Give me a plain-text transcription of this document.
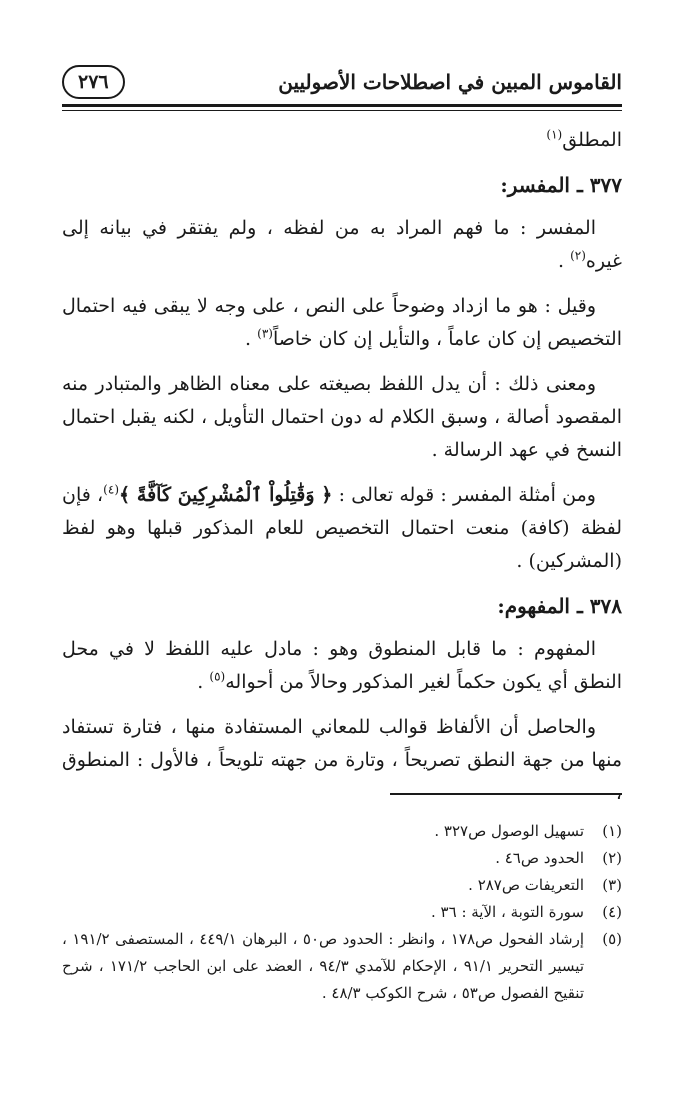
القاموس المبين في اصطلاحات الأصوليين
٢٧٦

المطلق$^{(١)}$

٣٧٧ ـ المفسر:

المفسر : ما فهم المراد به من لفظه ، ولم يفتقر في بيانه إلى غيره$^{(٢)}$ .

وقيل : هو ما ازداد وضوحاً على النص ، على وجه لا يبقى فيه احتمال التخصيص إن كان عاماً ، والتأيل إن كان خاصاً$^{(٣)}$ .

ومعنى ذلك : أن يدل اللفظ بصيغته على معناه الظاهر والمتبادر منه المقصود أصالة ، وسبق الكلام له دون احتمال التأويل ، لكنه يقبل احتمال النسخ في عهد الرسالة .

ومن أمثلة المفسر : قوله تعالى : ﴿ وَقَٰتِلُواْ ٱلْمُشْرِكِينَ كَآفَّةً ﴾$^{(٤)}$، فإن لفظة (كافة) منعت احتمال التخصيص للعام المذكور قبلها وهو لفظ (المشركين) .

٣٧٨ ـ المفهوم:

المفهوم : ما قابل المنطوق وهو : مادل عليه اللفظ لا في محل النطق أي يكون حكماً لغير المذكور وحالاً من أحواله$^{(٥)}$ .

والحاصل أن الألفاظ قوالب للمعاني المستفادة منها ، فتارة تستفاد منها من جهة النطق تصريحاً ، وتارة من جهته تلويحاً ، فالأول : المنطوق

(١)
تسهيل الوصول ص٣٢٧ .
(٢)
الحدود ص٤٦ .
(٣)
التعريفات ص٢٨٧ .
(٤)
سورة التوبة ، الآية : ٣٦ .
(٥)
إرشاد الفحول ص١٧٨ ، وانظر : الحدود ص٥٠ ، البرهان ٤٤٩/١ ، المستصفى ١٩١/٢ ، تيسير التحرير ٩١/١ ، الإحكام للآمدي ٩٤/٣ ، العضد على ابن الحاجب ١٧١/٢ ، شرح تنقيح الفصول ص٥٣ ، شرح الكوكب ٤٨/٣ .
